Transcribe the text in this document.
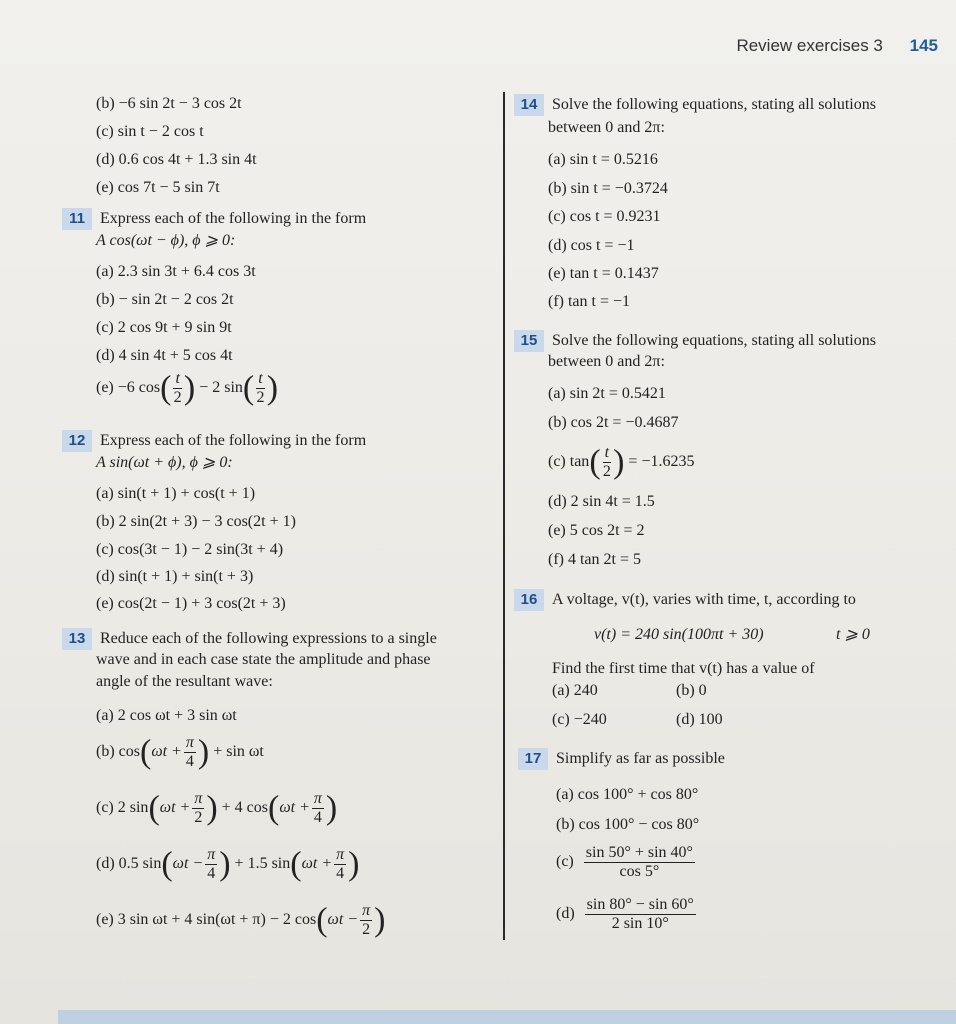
Review exercises 3 145
(b) −6 sin 2t − 3 cos 2t
(c) sin t − 2 cos t
(d) 0.6 cos 4t + 1.3 sin 4t
(e) cos 7t − 5 sin 7t
11 Express each of the following in the form
A cos(ωt − ϕ), ϕ ⩾ 0:
(a) 2.3 sin 3t + 6.4 cos 3t
(b) − sin 2t − 2 cos 2t
(c) 2 cos 9t + 9 sin 9t
(d) 4 sin 4t + 5 cos 4t
(e) −6 $\cos( \frac{t}{2}$ ) − 2 $\sin( \frac{t}{2}$ )
12 Express each of the following in the form
A sin(ωt + ϕ), ϕ ⩾ 0:
(a) sin(t + 1) + cos(t + 1)
(b) 2 sin(2t + 3) − 3 cos(2t + 1)
(c) cos(3t − 1) − 2 sin(3t + 4)
(d) sin(t + 1) + sin(t + 3)
(e) cos(2t − 1) + 3 cos(2t + 3)
13 Reduce each of the following expressions to a single
wave and in each case state the amplitude and phase
angle of the resultant wave:
(a) 2 cos ωt + 3 sin ωt
(b) $\cos(\omega t + \frac{\pi}{4}$ ) + sin ωt
(c) 2 $\sin(\omega t + \frac{\pi}{2}$ ) + 4 $\cos(\omega t + \frac{\pi}{4}$ )
(d) 0.5 $\sin(\omega t - \frac{\pi}{4}$ ) + 1.5 $\sin(\omega t + \frac{\pi}{4}$ )
(e) 3 sin ωt + 4 sin(ωt + π) − 2 $\cos(\omega t - \frac{\pi}{2}$ )
14 Solve the following equations, stating all solutions
between 0 and 2π:
(a) sin t = 0.5216
(b) sin t = −0.3724
(c) cos t = 0.9231
(d) cos t = −1
(e) tan t = 0.1437
(f) tan t = −1
15 Solve the following equations, stating all solutions
between 0 and 2π:
(a) sin 2t = 0.5421
(b) cos 2t = −0.4687
(c) $\tan( \frac{t}{2}$ ) = −1.6235
(d) 2 sin 4t = 1.5
(e) 5 cos 2t = 2
(f) 4 tan 2t = 5
16 A voltage, v(t), varies with time, t, according to
v(t) = 240 sin(100πt + 30)	t ⩾ 0
Find the first time that v(t) has a value of
(a) 240	(b) 0
(c) −240	(d) 100
17 Simplify as far as possible
(a) cos 100° + cos 80°
(b) cos 100° − cos 80°
$(c) \frac{\sin 50^\circ + \sin 40^\circ}{\cos 5^\circ}$
$(d) \frac{\sin 80^\circ - \sin 60^\circ}{2 \sin 10^\circ}$
